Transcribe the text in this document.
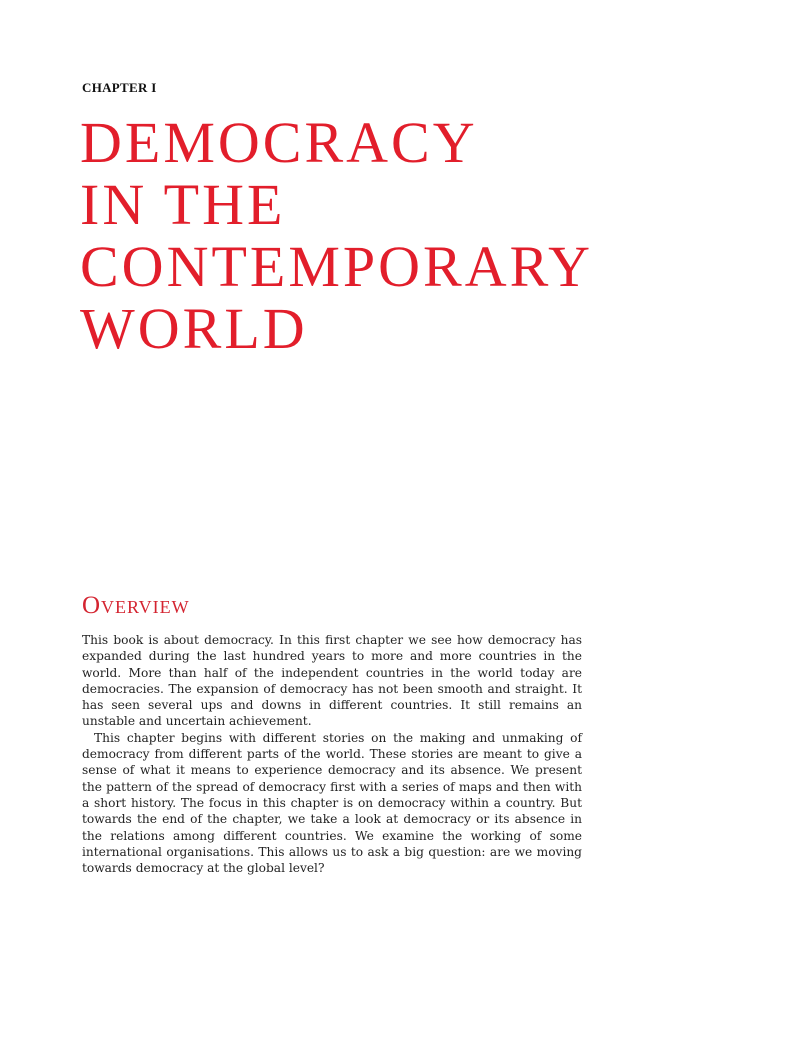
CHAPTER I
DEMOCRACY
IN THE
CONTEMPORARY
WORLD
Overview

This book is about democracy. In this first chapter we see how democracy has expanded during the last hundred years to more and more countries in the world. More than half of the independent countries in the world today are democracies. The expansion of democracy has not been smooth and straight. It has seen several ups and downs in different countries. It still remains an unstable and uncertain achievement.

This chapter begins with different stories on the making and unmaking of democracy from different parts of the world. These stories are meant to give a sense of what it means to experience democracy and its absence. We present the pattern of the spread of democracy first with a series of maps and then with a short history. The focus in this chapter is on democracy within a country. But towards the end of the chapter, we take a look at democracy or its absence in the relations among different countries. We examine the working of some international organisations. This allows us to ask a big question: are we moving towards democracy at the global level?
